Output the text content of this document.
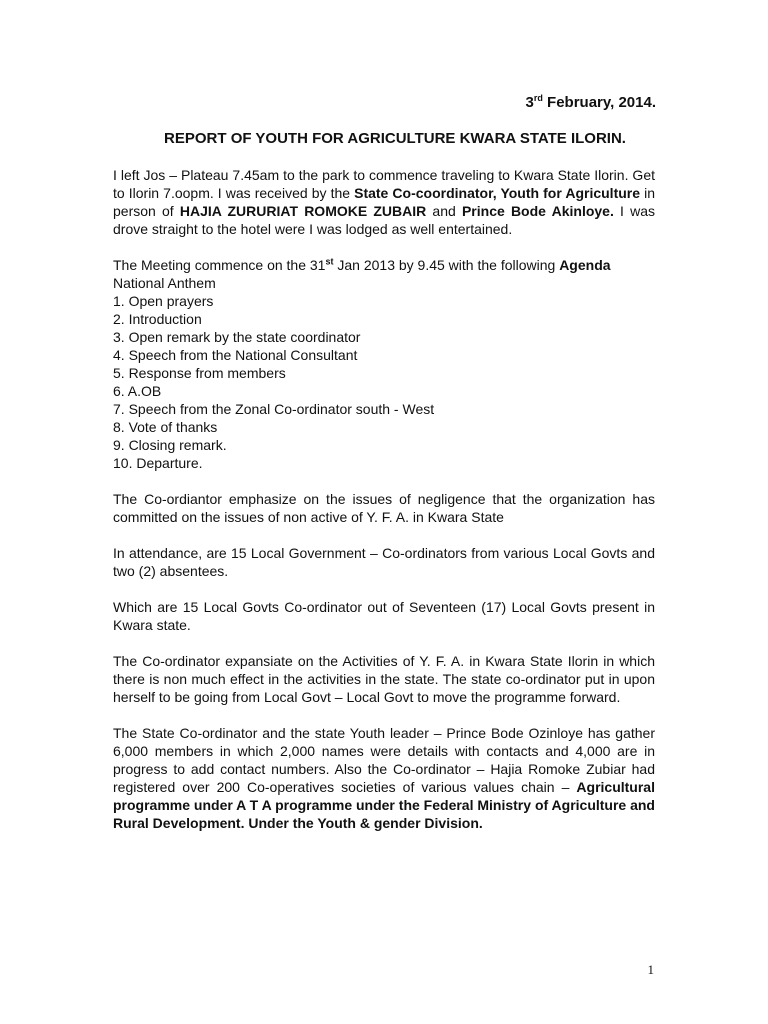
3rd February, 2014.
REPORT OF YOUTH FOR AGRICULTURE KWARA STATE ILORIN.

I left Jos – Plateau 7.45am to the park to commence traveling to Kwara State Ilorin. Get to Ilorin 7.oopm. I was received by the State Co-coordinator, Youth for Agriculture in person of HAJIA ZURURIAT ROMOKE ZUBAIR and Prince Bode Akinloye. I was drove straight to the hotel were I was lodged as well entertained.

The Meeting commence on the 31st Jan 2013 by 9.45 with the following Agenda

National Anthem
1. Open prayers
2. Introduction
3. Open remark by the state coordinator
4. Speech from the National Consultant
5. Response from members
6. A.OB
7. Speech from the Zonal Co-ordinator south - West
8. Vote of thanks
9. Closing remark.
10. Departure.

The Co-ordiantor emphasize on the issues of negligence that the organization has committed on the issues of non active of Y. F. A. in Kwara State

In attendance, are 15 Local Government – Co-ordinators from various Local Govts and two (2) absentees.

Which are 15 Local Govts Co-ordinator out of Seventeen (17) Local Govts present in Kwara state.

The Co-ordinator expansiate on the Activities of Y. F. A. in Kwara State Ilorin in which there is non much effect in the activities in the state. The state co-ordinator put in upon herself to be going from Local Govt – Local Govt to move the programme forward.

The State Co-ordinator and the state Youth leader – Prince Bode Ozinloye has gather 6,000 members in which 2,000 names were details with contacts and 4,000 are in progress to add contact numbers. Also the Co-ordinator – Hajia Romoke Zubiar had registered over 200 Co-operatives societies of various values chain – Agricultural programme under A T A programme under the Federal Ministry of Agriculture and Rural Development. Under the Youth & gender Division.

1
